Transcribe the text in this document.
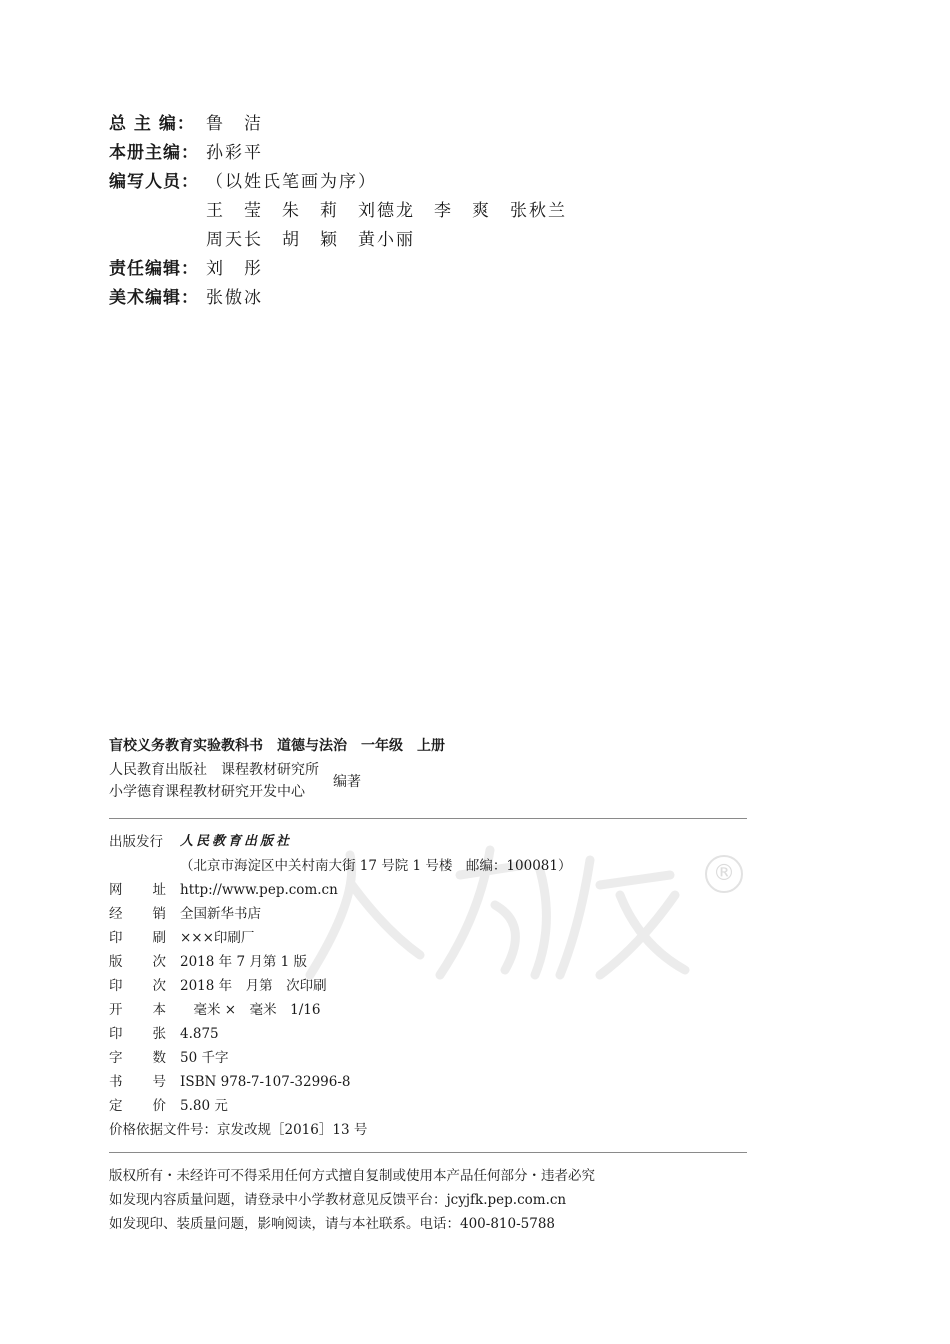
总 主 编： 鲁　洁
本册主编： 孙彩平
编写人员： （以姓氏笔画为序）
王　莹　朱　莉　刘德龙　李　爽　张秋兰
周天长　胡　颖　黄小丽
责任编辑： 刘　彤
美术编辑： 张傲冰
盲校义务教育实验教科书　道德与法治　一年级　上册
人民教育出版社　课程教材研究所
小学德育课程教材研究开发中心
编著
®
出版发行	人民教育出版社
（北京市海淀区中关村南大街 17 号院 1 号楼　邮编：100081）
网 址 http://www.pep.com.cn
经 销 全国新华书店
印 刷 ×××印刷厂
版 次 2018 年 7 月第 1 版
印 次 2018 年　月第　次印刷
开 本 　毫米 ×　毫米　1/16
印 张 4.875
字 数 50 千字
书 号 ISBN 978-7-107-32996-8
定 价 5.80 元
价格依据文件号：京发改规［2016］13 号
版权所有・未经许可不得采用任何方式擅自复制或使用本产品任何部分・违者必究
如发现内容质量问题，请登录中小学教材意见反馈平台：jcyjfk.pep.com.cn
如发现印、装质量问题，影响阅读，请与本社联系。电话：400-810-5788
